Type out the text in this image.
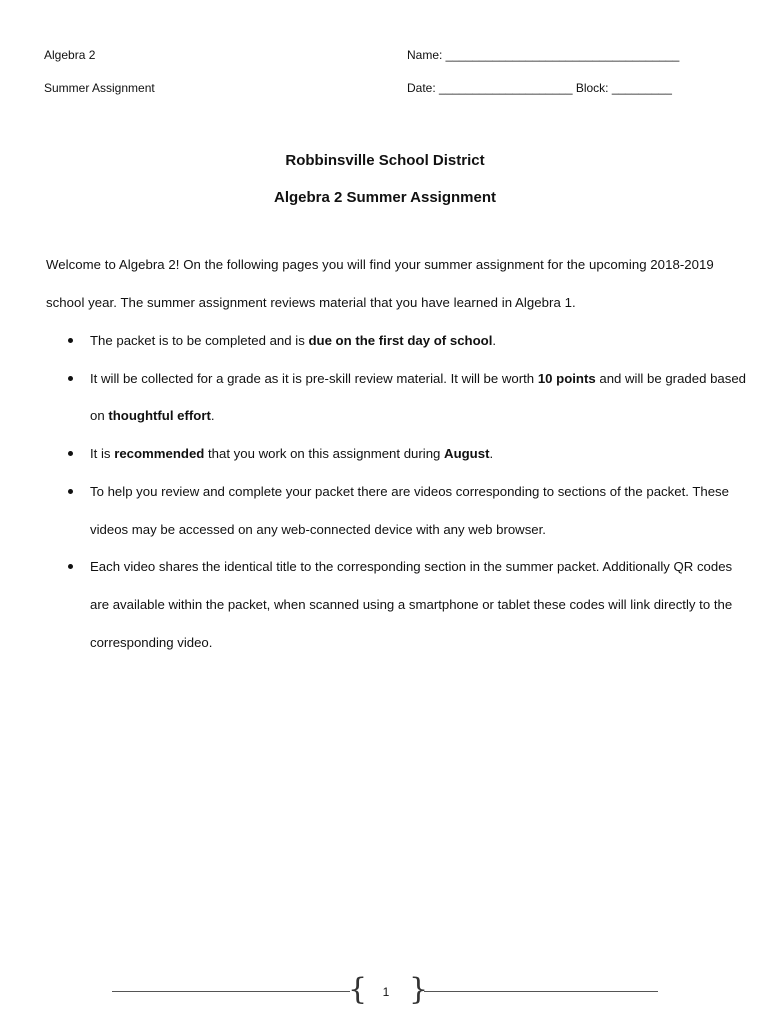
Algebra 2
Summer Assignment
Name: ___________________________________
Date: ____________________ Block: _________
Robbinsville School District
Algebra 2 Summer Assignment
Welcome to Algebra 2! On the following pages you will find your summer assignment for the upcoming 2018-2019 school year. The summer assignment reviews material that you have learned in Algebra 1.
The packet is to be completed and is due on the first day of school.
It will be collected for a grade as it is pre-skill review material. It will be worth 10 points and will be graded based on thoughtful effort.
It is recommended that you work on this assignment during August.
To help you review and complete your packet there are videos corresponding to sections of the packet. These videos may be accessed on any web-connected device with any web browser.
Each video shares the identical title to the corresponding section in the summer packet. Additionally QR codes are available within the packet, when scanned using a smartphone or tablet these codes will link directly to the corresponding video.
{ }
1
